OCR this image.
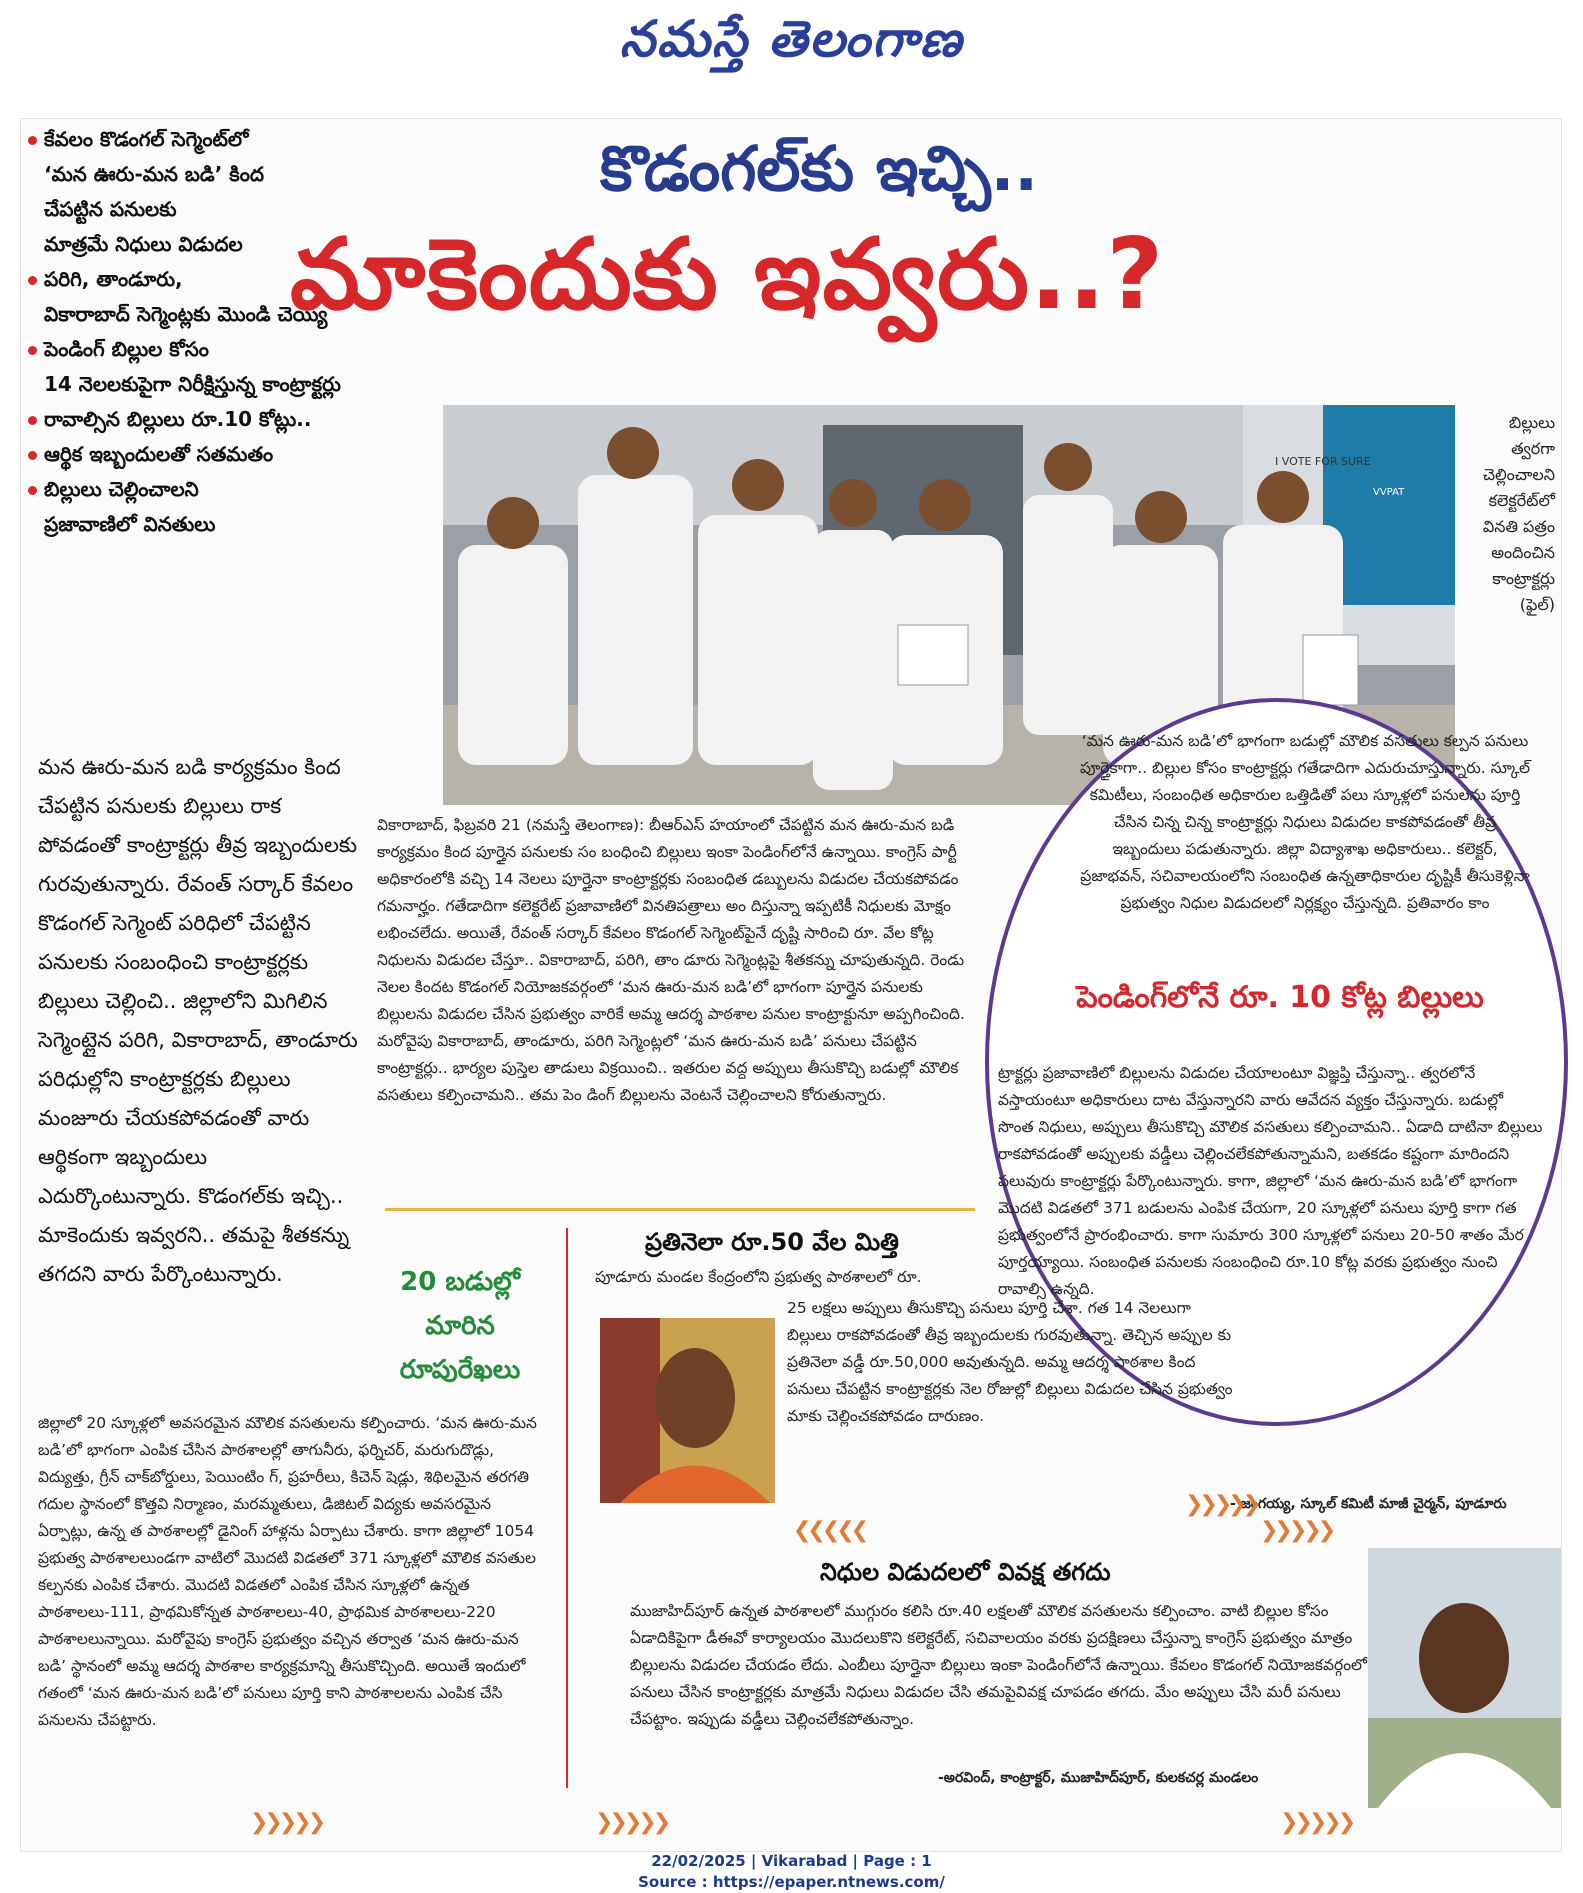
నమస్తే తెలంగాణ
కేవలం కొడంగల్ సెగ్మెంట్‌లో
‘మన ఊరు-మన బడి’ కింద
చేపట్టిన పనులకు
మాత్రమే నిధులు విడుదల
పరిగి, తాండూరు,
వికారాబాద్ సెగ్మెంట్లకు మొండి చెయ్యి
పెండింగ్ బిల్లుల కోసం
14 నెలలకుపైగా నిరీక్షిస్తున్న కాంట్రాక్టర్లు
రావాల్సిన బిల్లులు రూ.10 కోట్లు..
ఆర్థిక ఇబ్బందులతో సతమతం
బిల్లులు చెల్లించాలని
ప్రజావాణిలో వినతులు
కొడంగల్‌కు ఇచ్చి..
మాకెందుకు ఇవ్వరు..?
I VOTE FOR SURE
VVPAT
బిల్లులు త్వరగా చెల్లించాలని కలెక్టరేట్‌లో వినతి పత్రం అందించిన కాంట్రాక్టర్లు (ఫైల్)
మన ఊరు-మన బడి కార్యక్రమం కింద చేపట్టిన పనులకు బిల్లులు రాక పోవడంతో కాంట్రాక్టర్లు తీవ్ర ఇబ్బందులకు గురవుతున్నారు. రేవంత్ సర్కార్ కేవలం కొడంగల్ సెగ్మెంట్ పరిధిలో చేపట్టిన పనులకు సంబంధించి కాంట్రాక్టర్లకు బిల్లులు చెల్లించి.. జిల్లాలోని మిగిలిన సెగ్మెంట్లైన పరిగి, వికారాబాద్, తాండూరు పరిధుల్లోని కాంట్రాక్టర్లకు బిల్లులు మంజూరు చేయకపోవడంతో వారు ఆర్థికంగా ఇబ్బందులు ఎదుర్కొంటున్నారు. కొడంగల్‌కు ఇచ్చి.. మాకెందుకు ఇవ్వరని.. తమపై శీతకన్ను తగదని వారు పేర్కొంటున్నారు.
వికారాబాద్, ఫిబ్రవరి 21 (నమస్తే తెలంగాణ): బీఆర్‌ఎస్ హయాంలో చేపట్టిన మన ఊరు-మన బడి కార్యక్రమం కింద పూర్తైన పనులకు సం బంధించి బిల్లులు ఇంకా పెండింగ్‌లోనే ఉన్నాయి. కాంగ్రెస్ పార్టీ అధికారంలోకి వచ్చి 14 నెలలు పూర్తైనా కాంట్రాక్టర్లకు సంబంధిత డబ్బులను విడుదల చేయకపోవడం గమనార్హం. గతేడాదిగా కలెక్టరేట్ ప్రజావాణిలో వినతిపత్రాలు అం దిస్తున్నా ఇప్పటికీ నిధులకు మోక్షం లభించలేదు. అయితే, రేవంత్ సర్కార్ కేవలం కొడంగల్ సెగ్మెంట్‌పైనే దృష్టి సారించి రూ. వేల కోట్ల నిధులను విడుదల చేస్తూ.. వికారాబాద్, పరిగి, తాం డూరు సెగ్మెంట్లపై శీతకన్ను చూపుతున్నది. రెండు నెలల కిందట కొడంగల్ నియోజకవర్గంలో ‘మన ఊరు-మన బడి’లో భాగంగా పూర్తైన పనులకు బిల్లులను విడుదల చేసిన ప్రభుత్వం వారికే అమ్మ ఆదర్శ పాఠశాల పనుల కాంట్రాక్టునూ అప్పగించింది. మరోవైపు వికారాబాద్, తాండూరు, పరిగి సెగ్మెంట్లలో ‘మన ఊరు-మన బడి’ పనులు చేపట్టిన కాంట్రాక్టర్లు.. భార్యల పుస్తెల తాడులు విక్రయించి.. ఇతరుల వద్ద అప్పులు తీసుకొచ్చి బడుల్లో మౌలిక వసతులు కల్పించామని.. తమ పెం డింగ్ బిల్లులను వెంటనే చెల్లించాలని కోరుతున్నారు.
‘మన ఊరు-మన బడి’లో భాగంగా బడుల్లో మౌలిక వసతులు కల్పన పనులు పూర్తైకాగా.. బిల్లుల కోసం కాంట్రాక్టర్లు గతేడాదిగా ఎదురుచూస్తున్నారు. స్కూల్ కమిటీలు, సంబంధిత అధికారుల ఒత్తిడితో పలు స్కూళ్లలో పనులను పూర్తి చేసిన చిన్న చిన్న కాంట్రాక్టర్లు నిధులు విడుదల కాకపోవడంతో తీవ్ర ఇబ్బందులు పడుతున్నారు. జిల్లా విద్యాశాఖ అధికారులు.. కలెక్టర్, ప్రజాభవన్, సచివాలయంలోని సంబంధిత ఉన్నతాధికారుల దృష్టికీ తీసుకెళ్లినా ప్రభుత్వం నిధుల విడుదలలో నిర్లక్ష్యం చేస్తున్నది. ప్రతివారం కాం
పెండింగ్‌లోనే రూ. 10 కోట్ల బిల్లులు
ట్రాక్టర్లు ప్రజావాణిలో బిల్లులను విడుదల చేయాలంటూ విజ్ఞప్తి చేస్తున్నా.. త్వరలోనే వస్తాయంటూ అధికారులు దాట వేస్తున్నారని వారు ఆవేదన వ్యక్తం చేస్తున్నారు. బడుల్లో సొంత నిధులు, అప్పులు తీసుకొచ్చి మౌలిక వసతులు కల్పించామని.. ఏడాది దాటినా బిల్లులు రాకపోవడంతో అప్పులకు వడ్డీలు చెల్లించలేకపోతున్నామని, బతకడం కష్టంగా మారిందని పలువురు కాంట్రాక్టర్లు పేర్కొంటున్నారు. కాగా, జిల్లాలో ‘మన ఊరు-మన బడి’లో భాగంగా మొదటి విడతలో 371 బడులను ఎంపిక చేయగా, 20 స్కూళ్లలో పనులు పూర్తి కాగా గత ప్రభుత్వంలోనే ప్రారంభించారు. కాగా సుమారు 300 స్కూళ్లలో పనులు 20-50 శాతం మేర పూర్తయ్యాయి. సంబంధిత పనులకు సంబంధించి రూ.10 కోట్ల వరకు ప్రభుత్వం నుంచి రావాల్సి ఉన్నది.
20 బడుల్లో
మారిన
రూపురేఖలు
జిల్లాలో 20 స్కూళ్లలో అవసరమైన మౌలిక వసతులను కల్పించారు. ‘మన ఊరు-మన బడి’లో భాగంగా ఎంపిక చేసిన పాఠశాలల్లో తాగునీరు, ఫర్నిచర్, మరుగుదొడ్లు, విద్యుత్తు, గ్రీన్ చాక్‌బోర్డులు, పెయింటిం గ్, ప్రహరీలు, కిచెన్ షెడ్లు, శిథిలమైన తరగతి గదుల స్థానంలో కొత్తవి నిర్మాణం, మరమ్మతులు, డిజిటల్ విద్యకు అవసరమైన ఏర్పాట్లు, ఉన్న త పాఠశాలల్లో డైనింగ్ హాళ్లను ఏర్పాటు చేశారు. కాగా జిల్లాలో 1054 ప్రభుత్వ పాఠశాలలుండగా వాటిలో మొదటి విడతలో 371 స్కూళ్లలో మౌలిక వసతుల కల్పనకు ఎంపిక చేశారు. మొదటి విడతలో ఎంపిక చేసిన స్కూళ్లలో ఉన్నత పాఠశాలలు-111, ప్రాథమికోన్నత పాఠశాలలు-40, ప్రాథమిక పాఠశాలలు-220 పాఠశాలలున్నాయి. మరోవైపు కాంగ్రెస్ ప్రభుత్వం వచ్చిన తర్వాత ‘మన ఊరు-మన బడి’ స్థానంలో అమ్మ ఆదర్శ పాఠశాల కార్యక్రమాన్ని తీసుకొచ్చింది. అయితే ఇందులో గతంలో ‘మన ఊరు-మన బడి’లో పనులు పూర్తి కాని పాఠశాలలను ఎంపిక చేసి పనులను చేపట్టారు.
ప్రతినెలా రూ.50 వేల మిత్తి
పూడూరు మండల కేంద్రంలోని ప్రభుత్వ పాఠశాలలో రూ.
25 లక్షలు అప్పులు తీసుకొచ్చి పనులు పూర్తి చేశా. గత 14 నెలలుగా బిల్లులు రాకపోవడంతో తీవ్ర ఇబ్బందులకు గురవుతున్నా. తెచ్చిన అప్పుల కు ప్రతినెలా వడ్డీ రూ.50,000 అవుతున్నది. అమ్మ ఆదర్శ పాఠశాల కింద పనులు చేపట్టిన కాంట్రాక్టర్లకు నెల రోజుల్లో బిల్లులు విడుదల చేసిన ప్రభుత్వం మాకు చెల్లించకపోవడం దారుణం.
- జంగయ్య, స్కూల్ కమిటీ మాజీ చైర్మన్, పూడూరు
❯❯❯❯❯
❮❮❮❮❮	❯❯❯❯❯
❯❯❯❯❯	❯❯❯❯❯	❯❯❯❯❯
నిధుల విడుదలలో వివక్ష తగదు
ముజాహిద్‌పూర్ ఉన్నత పాఠశాలలో ముగ్గురం కలిసి రూ.40 లక్షలతో మౌలిక వసతులను కల్పించాం. వాటి బిల్లుల కోసం ఏడాదికిపైగా డీఈవో కార్యాలయం మొదలుకొని కలెక్టరేట్, సచివాలయం వరకు ప్రదక్షిణలు చేస్తున్నా కాంగ్రెస్ ప్రభుత్వం మాత్రం బిల్లులను విడుదల చేయడం లేదు. ఎంబీలు పూర్తైనా బిల్లులు ఇంకా పెండింగ్‌లోనే ఉన్నాయి. కేవలం కొడంగల్ నియోజకవర్గంలో పనులు చేసిన కాంట్రాక్టర్లకు మాత్రమే నిధులు విడుదల చేసి తమపైవివక్ష చూపడం తగదు. మేం అప్పులు చేసి మరీ పనులు చేపట్టాం. ఇప్పుడు వడ్డీలు చెల్లించలేకపోతున్నాం.
-అరవింద్, కాంట్రాక్టర్, ముజాహిద్‌పూర్, కులకచర్ల మండలం
22/02/2025 | Vikarabad | Page : 1
Source : https://epaper.ntnews.com/
